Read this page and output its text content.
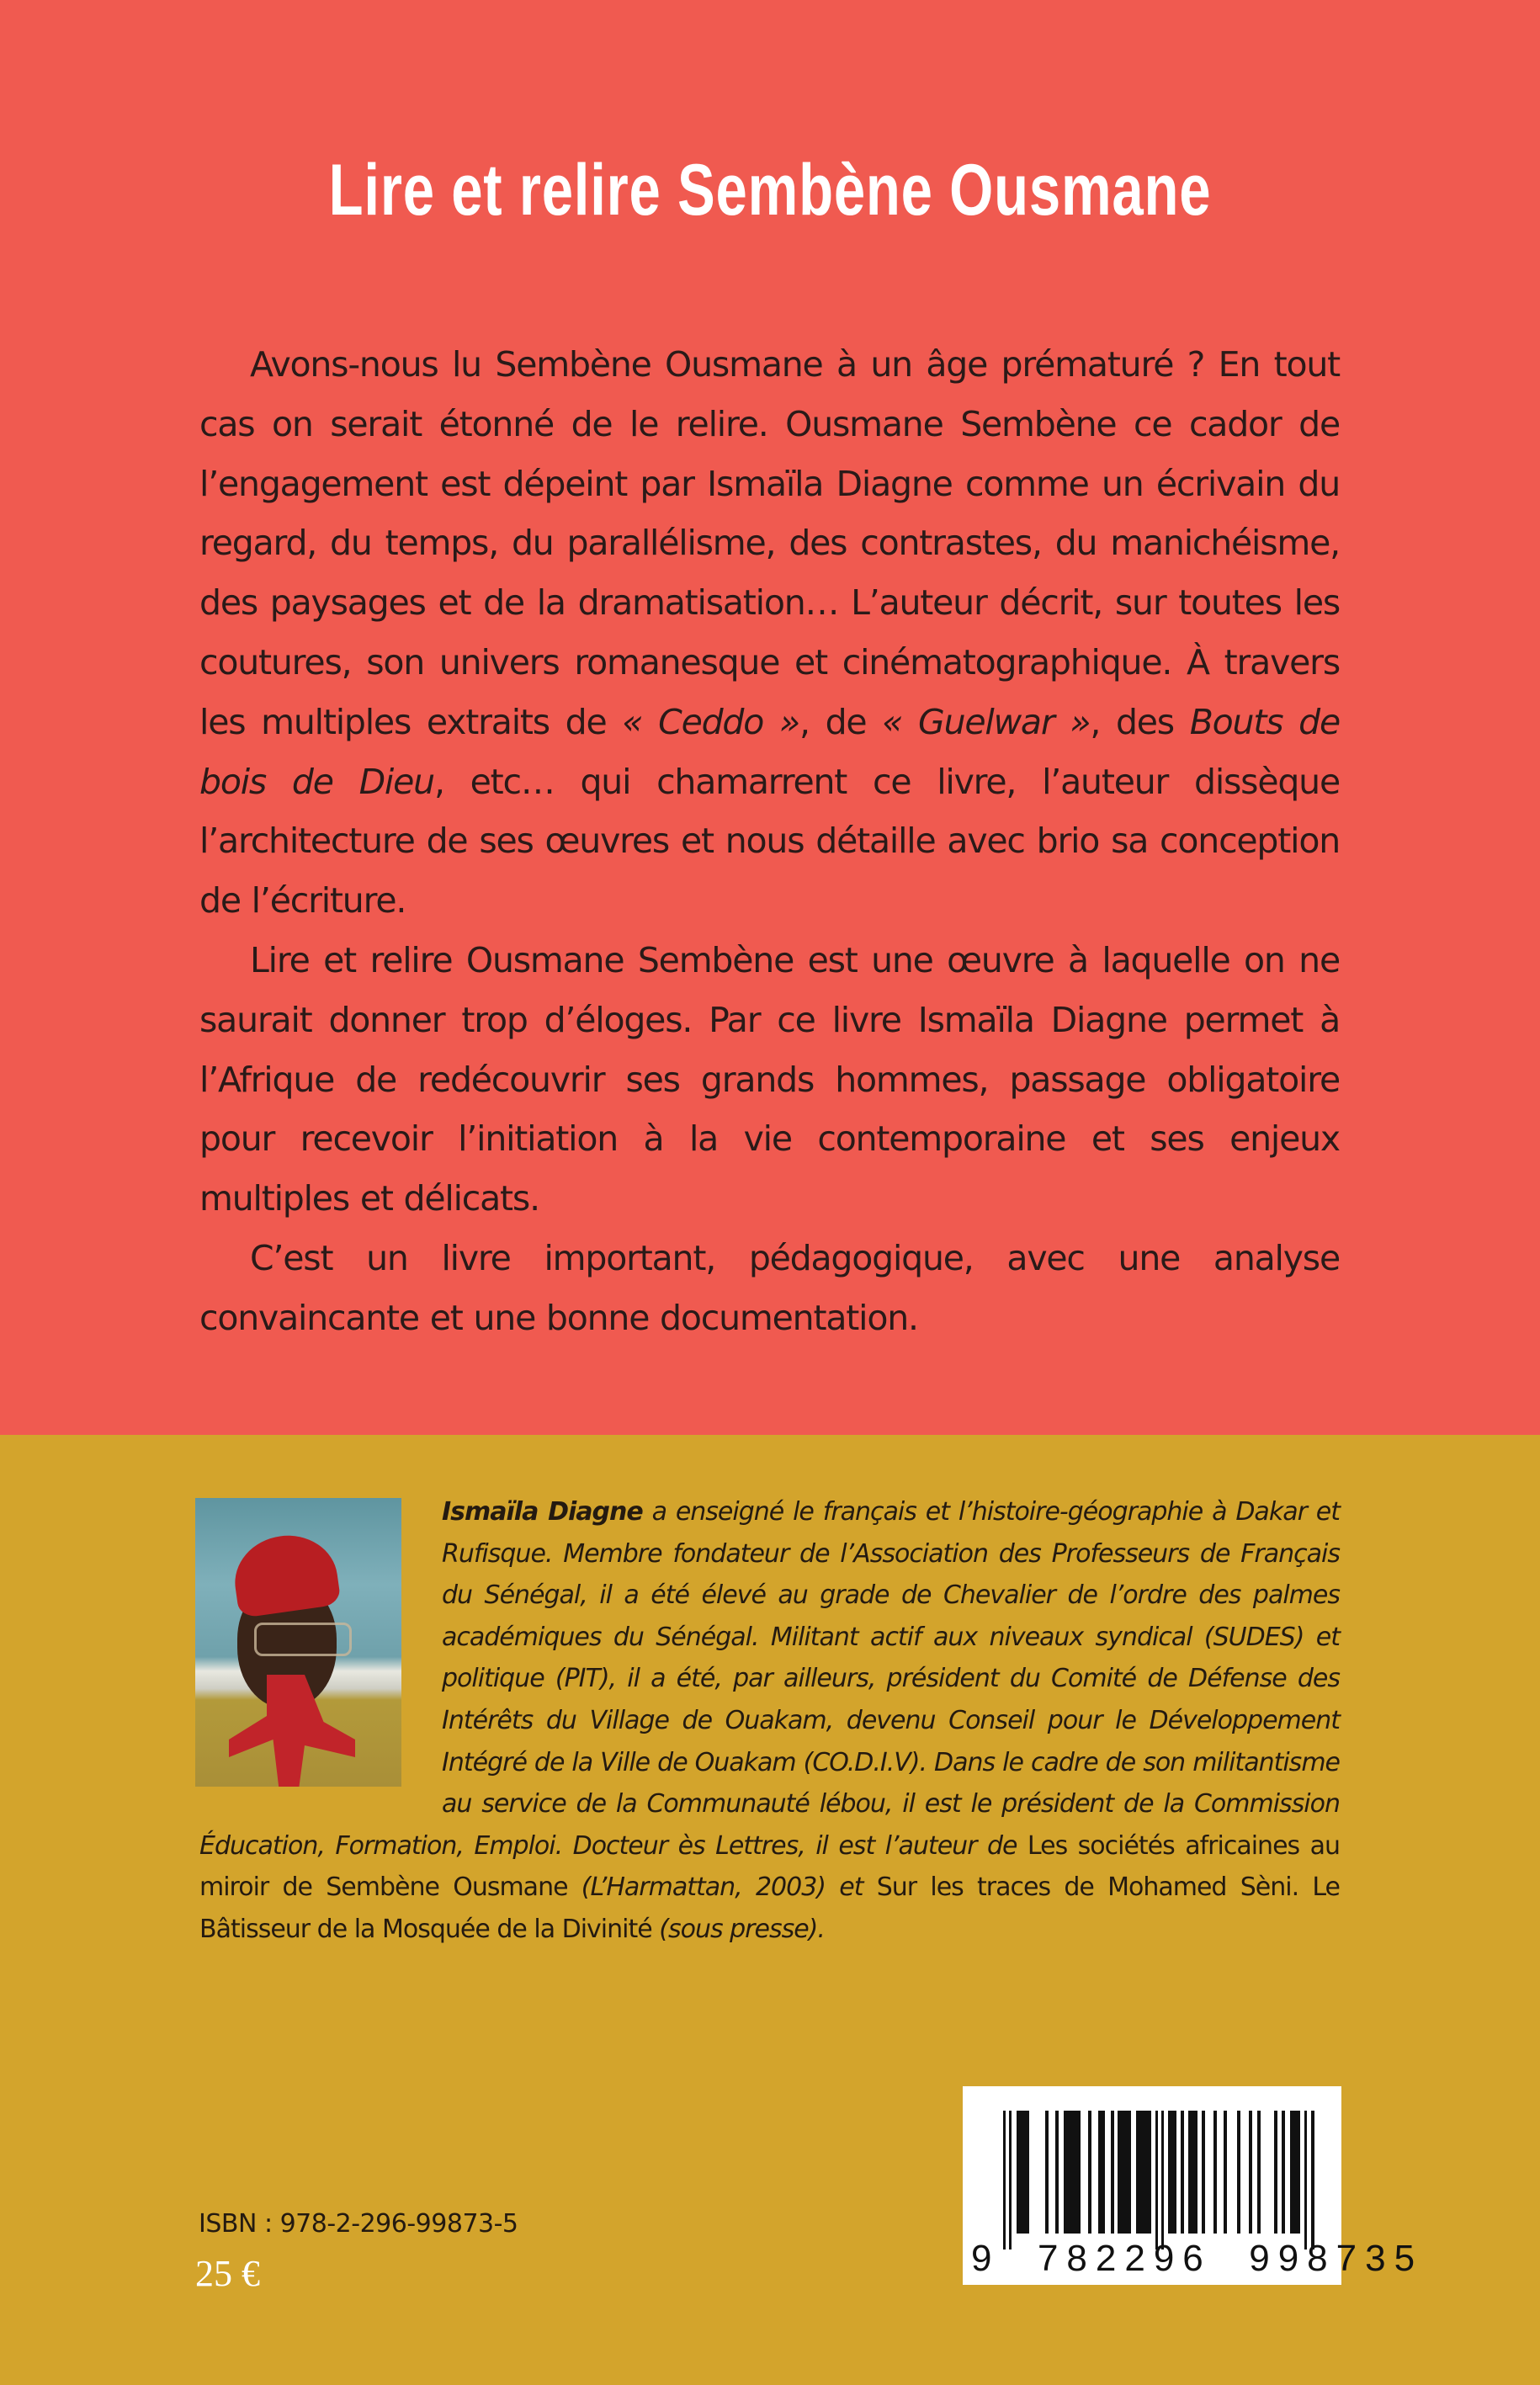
Lire et relire Sembène Ousmane

Avons-nous lu Sembène Ousmane à un âge prématuré ? En tout cas on serait étonné de le relire. Ousmane Sembène ce cador de l’engagement est dépeint par Ismaïla Diagne comme un écrivain du regard, du temps, du parallélisme, des contrastes, du manichéisme, des paysages et de la dramatisation… L’auteur décrit, sur toutes les coutures, son univers romanesque et cinématographique. À travers les multiples extraits de « Ceddo », de « Guelwar », des Bouts de bois de Dieu, etc… qui chamarrent ce livre, l’auteur dissèque l’architecture de ses œuvres et nous détaille avec brio sa conception de l’écriture.

Lire et relire Ousmane Sembène est une œuvre à laquelle on ne saurait donner trop d’éloges. Par ce livre Ismaïla Diagne permet à l’Afrique de redécouvrir ses grands hommes, passage obligatoire pour recevoir l’initiation à la vie contemporaine et ses enjeux multiples et délicats.

C’est un livre important, pédagogique, avec une analyse convaincante et une bonne documentation.

Ismaïla Diagne a enseigné le français et l’histoire-géographie à Dakar et Rufisque. Membre fondateur de l’Association des Professeurs de Français du Sénégal, il a été élevé au grade de Chevalier de l’ordre des palmes académiques du Sénégal. Militant actif aux niveaux syndical (SUDES) et politique (PIT), il a été, par ailleurs, président du Comité de Défense des Intérêts du Village de Ouakam, devenu Conseil pour le Développement Intégré de la Ville de Ouakam (CO.D.I.V). Dans le cadre de son militantisme au service de la Communauté lébou, il est le président de la Commission Éducation, Formation, Emploi. Docteur ès Lettres, il est l’auteur de Les sociétés africaines au miroir de Sembène Ousmane (L’Harmattan, 2003) et Sur les traces de Mohamed Sèni. Le Bâtisseur de la Mosquée de la Divinité (sous presse).
ISBN : 978-2-296-99873-5
25 €	9 782296 998735
